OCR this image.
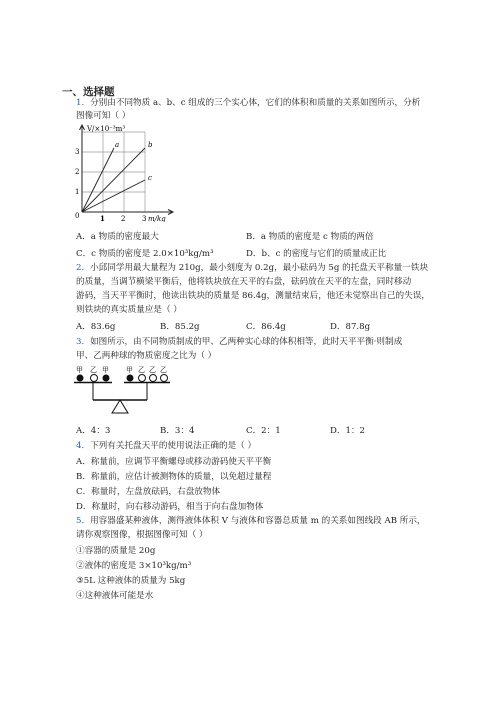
一、选择题
1．分别由不同物质 a、b、c 组成的三个实心体，它们的体积和质量的关系如图所示，分析
图像可知（ ）
a	b
c
V/×10⁻³m³
m/kg
0
1
2
3
1 2 3
A．a 物质的密度最大	B．a 物质的密度是 c 物质的两倍
C．c 物质的密度是 2.0×10³kg/m³	D．b、c 的密度与它们的质量成正比
2．小邱同学用最大量程为 210g，最小刻度为 0.2g，最小砝码为 5g 的托盘天平称量一铁块
的质量，当调节横梁平衡后，他将铁块放在天平的右盘，砝码放在天平的左盘，同时移动
游码，当天平平衡时，他读出铁块的质量是 86.4g，测量结束后，他还未觉察出自己的失误，
则铁块的真实质量应是（ ）
A．83.6g	B．85.2g	C．86.4g	D．87.8g
3．如图所示，由不同物质制成的甲、乙两种实心球的体积相等，此时天平平衡·则制成
甲、乙两种球的物质密度之比为（ ）
甲 乙 甲 甲 乙 乙 乙
A．4：3	B．3：4	C．2：1	D．1：2
4．下列有关托盘天平的使用说法正确的是（ ）
A．称量前，应调节平衡螺母或移动游码使天平平衡
B．称量前，应估计被测物体的质量，以免超过量程
C．称量时，左盘放砝码，右盘放物体
D．称量时，向右移动游码，相当于向右盘加物体
5．用容器盛某种液体，测得液体体积 V 与液体和容器总质量 m 的关系如图线段 AB 所示，
请你观察图像，根据图像可知（ ）
①容器的质量是 20g
②液体的密度是 3×10³kg/m³
③5L 这种液体的质量为 5kg
④这种液体可能是水
